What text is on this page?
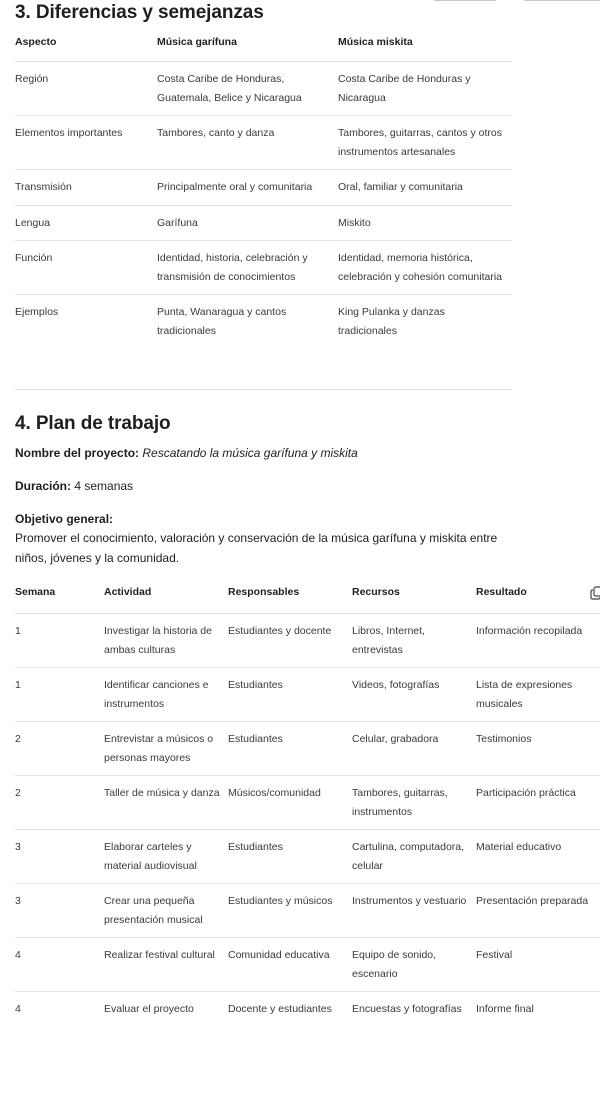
3. Diferencias y semejanzas
Aspecto	Música garífuna	Música miskita
Región	Costa Caribe de Honduras, Guatemala, Belice y Nicaragua	Costa Caribe de Honduras y Nicaragua
Elementos importantes	Tambores, canto y danza	Tambores, guitarras, cantos y otros instrumentos artesanales
Transmisión	Principalmente oral y comunitaria	Oral, familiar y comunitaria
Lengua	Garífuna	Miskito
Función	Identidad, historia, celebración y transmisión de conocimientos	Identidad, memoria histórica, celebración y cohesión comunitaria
Ejemplos	Punta, Wanaragua y cantos tradicionales	King Pulanka y danzas tradicionales
4. Plan de trabajo
Nombre del proyecto: Rescatando la música garífuna y miskita
Duración: 4 semanas
Objetivo general:
Promover el conocimiento, valoración y conservación de la música garífuna y miskita entre niños, jóvenes y la comunidad.
Semana	Actividad	Responsables	Recursos	Resultado
1	Investigar la historia de ambas culturas	Estudiantes y docente	Libros, Internet, entrevistas	Información recopilada
1	Identificar canciones e instrumentos	Estudiantes	Videos, fotografías	Lista de expresiones musicales
2	Entrevistar a músicos o personas mayores	Estudiantes	Celular, grabadora	Testimonios
2	Taller de música y danza	Músicos/comunidad	Tambores, guitarras, instrumentos	Participación práctica
3	Elaborar carteles y material audiovisual	Estudiantes	Cartulina, computadora, celular	Material educativo
3	Crear una pequeña presentación musical	Estudiantes y músicos	Instrumentos y vestuario	Presentación preparada
4	Realizar festival cultural	Comunidad educativa	Equipo de sonido, escenario	Festival
4	Evaluar el proyecto	Docente y estudiantes	Encuestas y fotografías	Informe final
